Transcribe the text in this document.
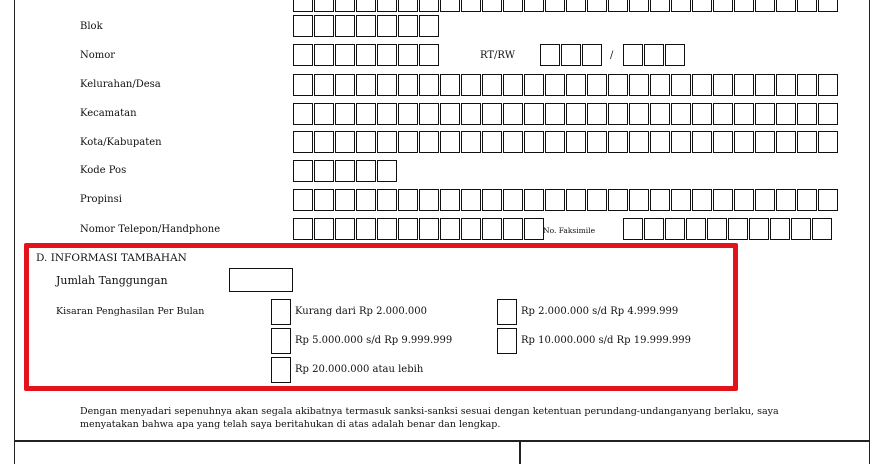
Blok
Nomor	RT/RW	/
Kelurahan/Desa
Kecamatan
Kota/Kabupaten
Kode Pos
Propinsi
Nomor Telepon/Handphone	No. Faksimile
D. INFORMASI TAMBAHAN
Jumlah Tanggungan
Kisaran Penghasilan Per Bulan	Kurang dari Rp 2.000.000	Rp 2.000.000 s/d Rp 4.999.999
Rp 5.000.000 s/d Rp 9.999.999	Rp 10.000.000 s/d Rp 19.999.999
Rp 20.000.000 atau lebih
Dengan menyadari sepenuhnya akan segala akibatnya termasuk sanksi-sanksi sesuai dengan ketentuan perundang-undanganyang berlaku, saya menyatakan bahwa apa yang telah saya beritahukan di atas adalah benar dan lengkap.
